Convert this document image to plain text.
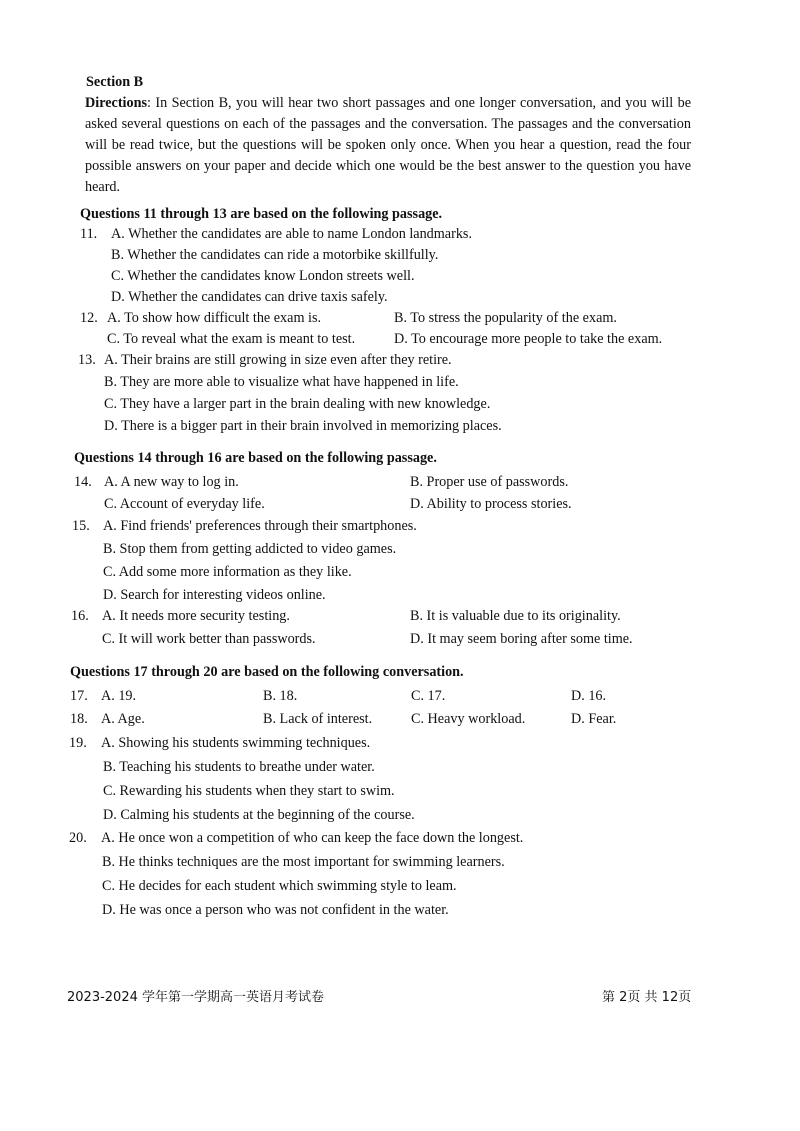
Section B
Directions: In Section B, you will hear two short passages and one longer conversation, and you will be asked several questions on each of the passages and the conversation. The passages and the conversation will be read twice, but the questions will be spoken only once. When you hear a question, read the four possible answers on your paper and decide which one would be the best answer to the question you have heard.
Questions 11 through 13 are based on the following passage.
11. A. Whether the candidates are able to name London landmarks.
B. Whether the candidates can ride a motorbike skillfully.
C. Whether the candidates know London streets well.
D. Whether the candidates can drive taxis safely.
12. A. To show how difficult the exam is.	B. To stress the popularity of the exam.
C. To reveal what the exam is meant to test.	D. To encourage more people to take the exam.
13. A. Their brains are still growing in size even after they retire.
B. They are more able to visualize what have happened in life.
C. They have a larger part in the brain dealing with new knowledge.
D. There is a bigger part in their brain involved in memorizing places.
Questions 14 through 16 are based on the following passage.
14. A. A new way to log in.	B. Proper use of passwords.
C. Account of everyday life.	D. Ability to process stories.
15. A. Find friends' preferences through their smartphones.
B. Stop them from getting addicted to video games.
C. Add some more information as they like.
D. Search for interesting videos online.
16. A. It needs more security testing.	B. It is valuable due to its originality.
C. It will work better than passwords.	D. It may seem boring after some time.
Questions 17 through 20 are based on the following conversation.
17. A. 19.	B. 18.	C. 17.	D. 16.
18. A. Age.	B. Lack of interest.	C. Heavy workload.	D. Fear.
19. A. Showing his students swimming techniques.
B. Teaching his students to breathe under water.
C. Rewarding his students when they start to swim.
D. Calming his students at the beginning of the course.
20. A. He once won a competition of who can keep the face down the longest.
B. He thinks techniques are the most important for swimming learners.
C. He decides for each student which swimming style to leam.
D. He was once a person who was not confident in the water.
2023-2024 学年第一学期高一英语月考试卷	第 2页 共 12页
